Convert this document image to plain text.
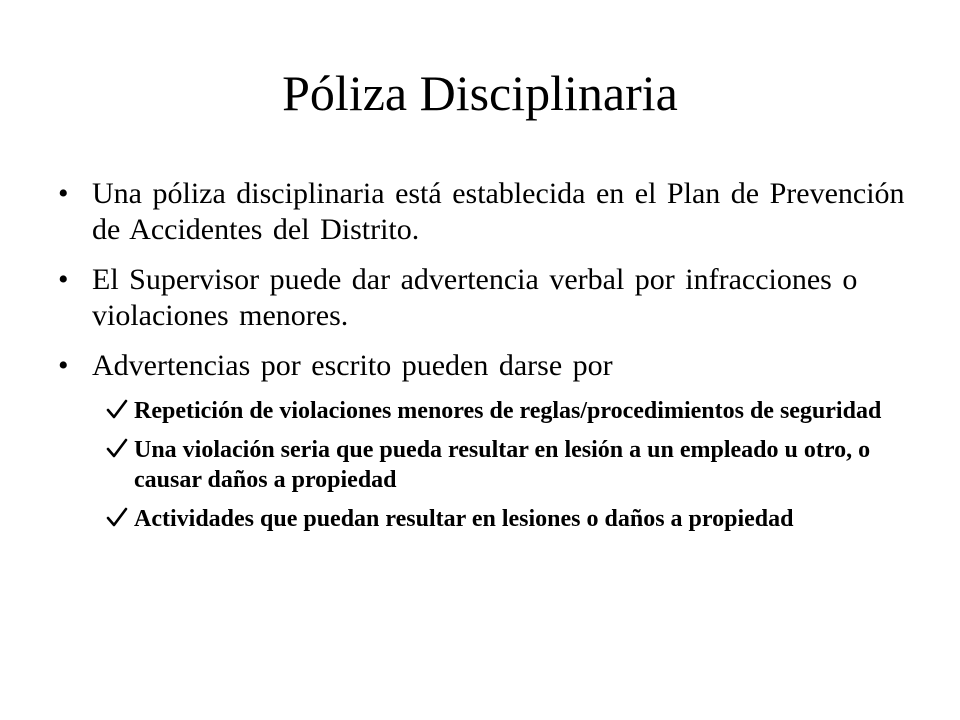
Póliza Disciplinaria
• Una póliza disciplinaria está establecida en el Plan de Prevención de Accidentes del Distrito.
• El Supervisor puede dar advertencia verbal por infracciones o violaciones menores.
• Advertencias por escrito pueden darse por
Repetición de violaciones menores de reglas/procedimientos de seguridad
Una violación seria que pueda resultar en lesión a un empleado u otro, o causar daños a propiedad
Actividades que puedan resultar en lesiones o daños a propiedad
